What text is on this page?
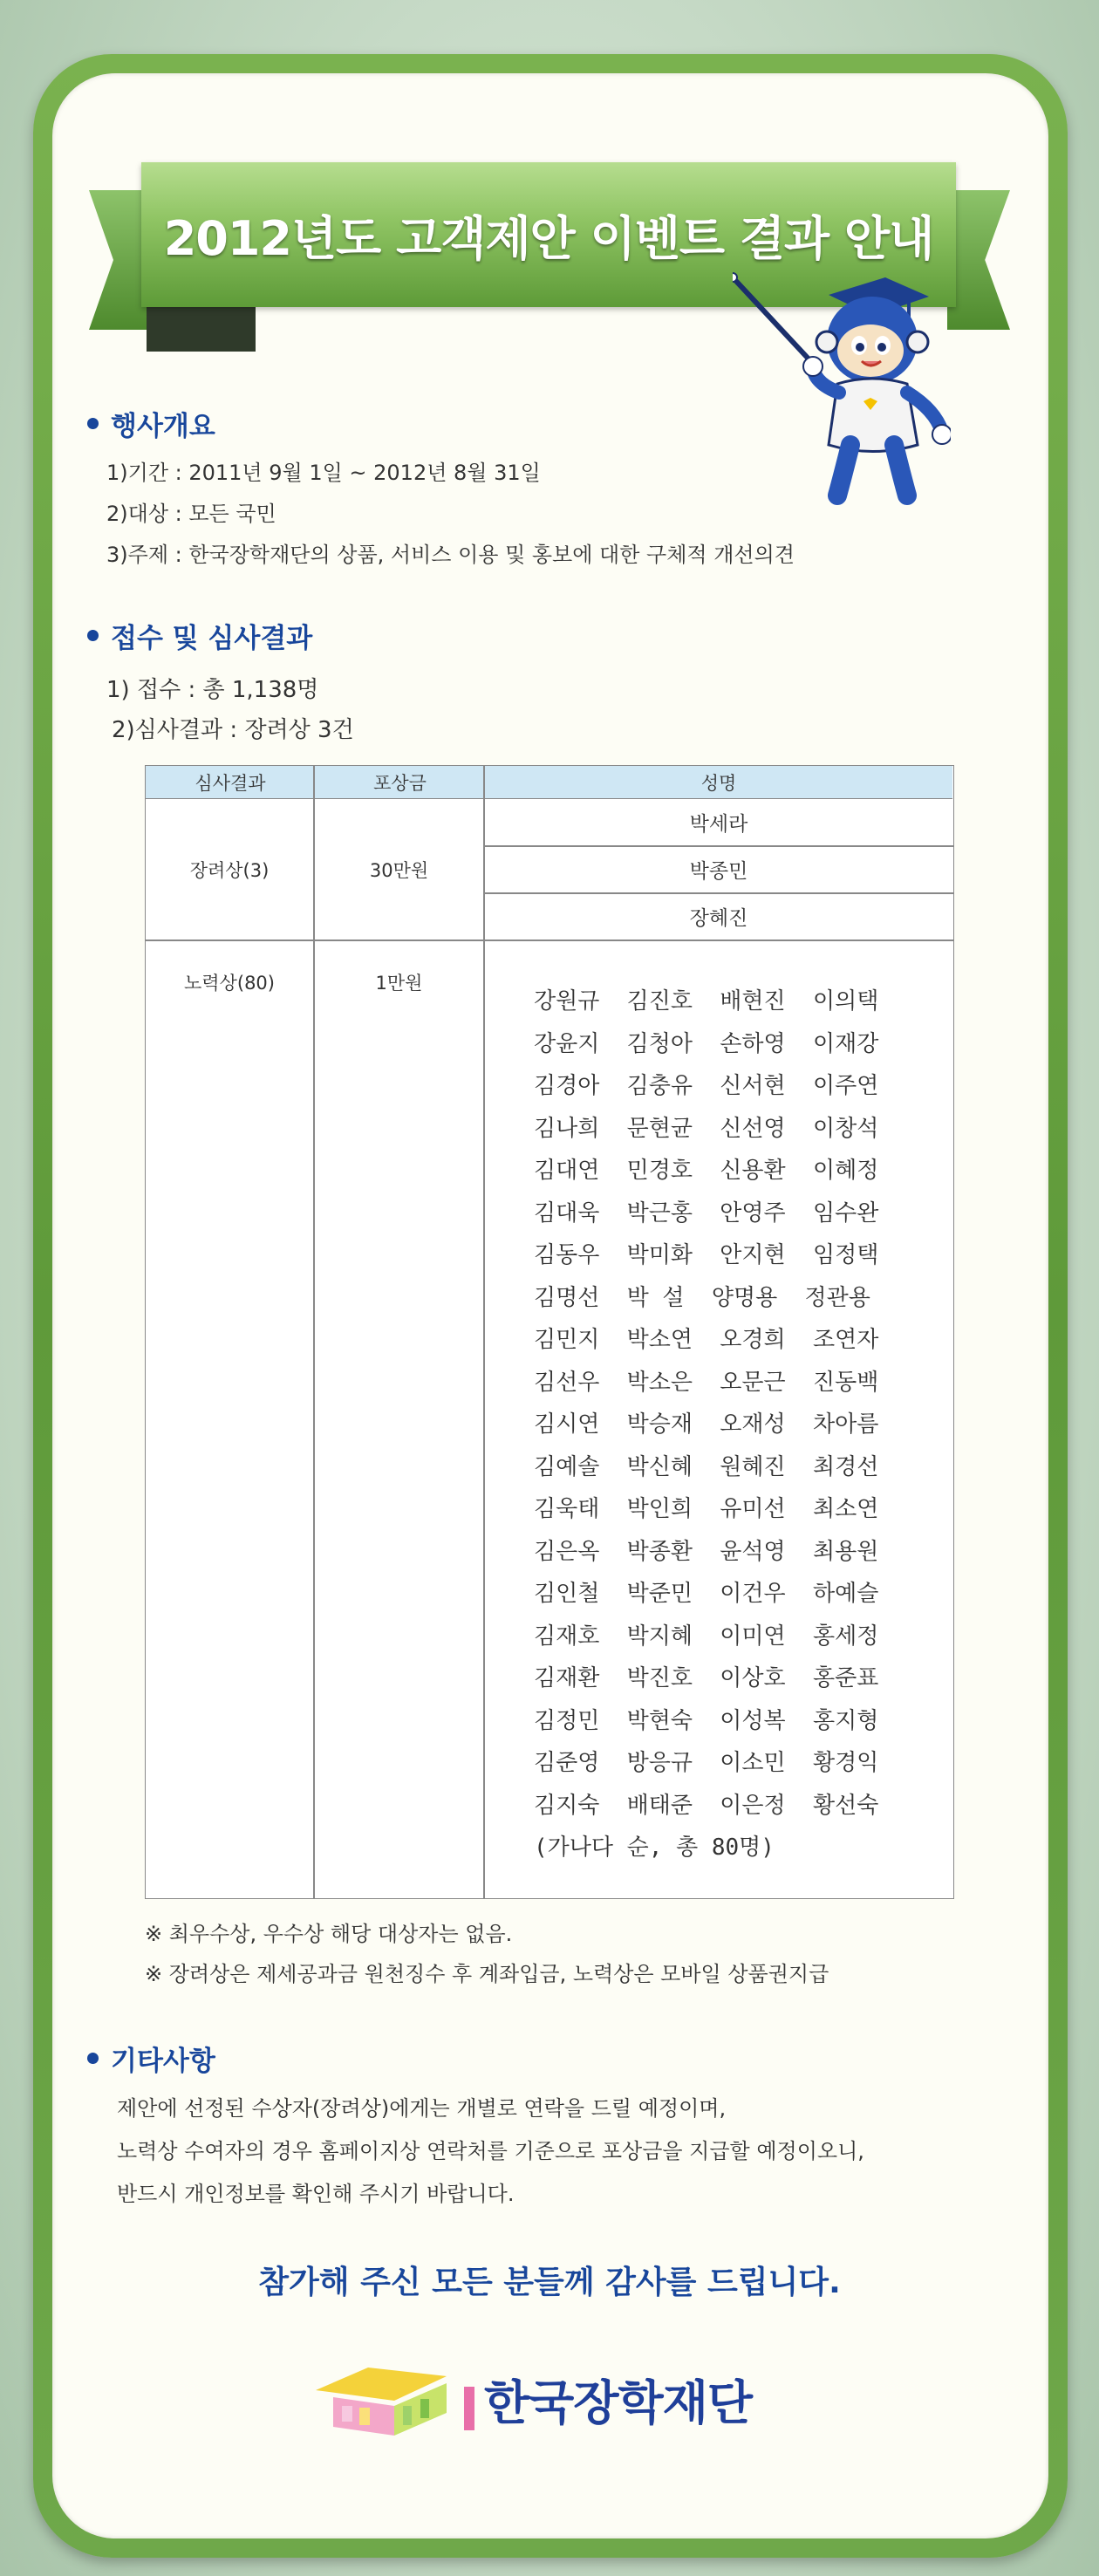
2012년도 고객제안 이벤트 결과 안내
행사개요
1)기간 : 2011년 9월 1일 ~ 2012년 8월 31일
2)대상 : 모든 국민
3)주제 : 한국장학재단의 상품, 서비스 이용 및 홍보에 대한 구체적 개선의견
접수 및 심사결과
1) 접수 : 총 1,138명
2)심사결과 : 장려상 3건
심사결과	포상금	성명
장려상(3)	30만원
박세라
박종민
장혜진
노력상(80)	1만원
강원규  김진호  배현진  이의택
강윤지  김청아  손하영  이재강
김경아  김충유  신서현  이주연
김나희  문현균  신선영  이창석
김대연  민경호  신용환  이혜정
김대욱  박근홍  안영주  임수완
김동우  박미화  안지현  임정택
김명선  박 설  양명용  정관용
김민지  박소연  오경희  조연자
김선우  박소은  오문근  진동백
김시연  박승재  오재성  차아름
김예솔  박신혜  원혜진  최경선
김욱태  박인희  유미선  최소연
김은옥  박종환  윤석영  최용원
김인철  박준민  이건우  하예슬
김재호  박지혜  이미연  홍세정
김재환  박진호  이상호  홍준표
김정민  박현숙  이성복  홍지형
김준영  방응규  이소민  황경익
김지숙  배태준  이은정  황선숙
(가나다 순, 총 80명)
※ 최우수상, 우수상 해당 대상자는 없음.
※ 장려상은 제세공과금 원천징수 후 계좌입금, 노력상은 모바일 상품권지급
기타사항
제안에 선정된 수상자(장려상)에게는 개별로 연락을 드릴 예정이며,
노력상 수여자의 경우 홈페이지상 연락처를 기준으로 포상금을 지급할 예정이오니,
반드시 개인정보를 확인해 주시기 바랍니다.
참가해 주신 모든 분들께 감사를 드립니다.
한국장학재단
